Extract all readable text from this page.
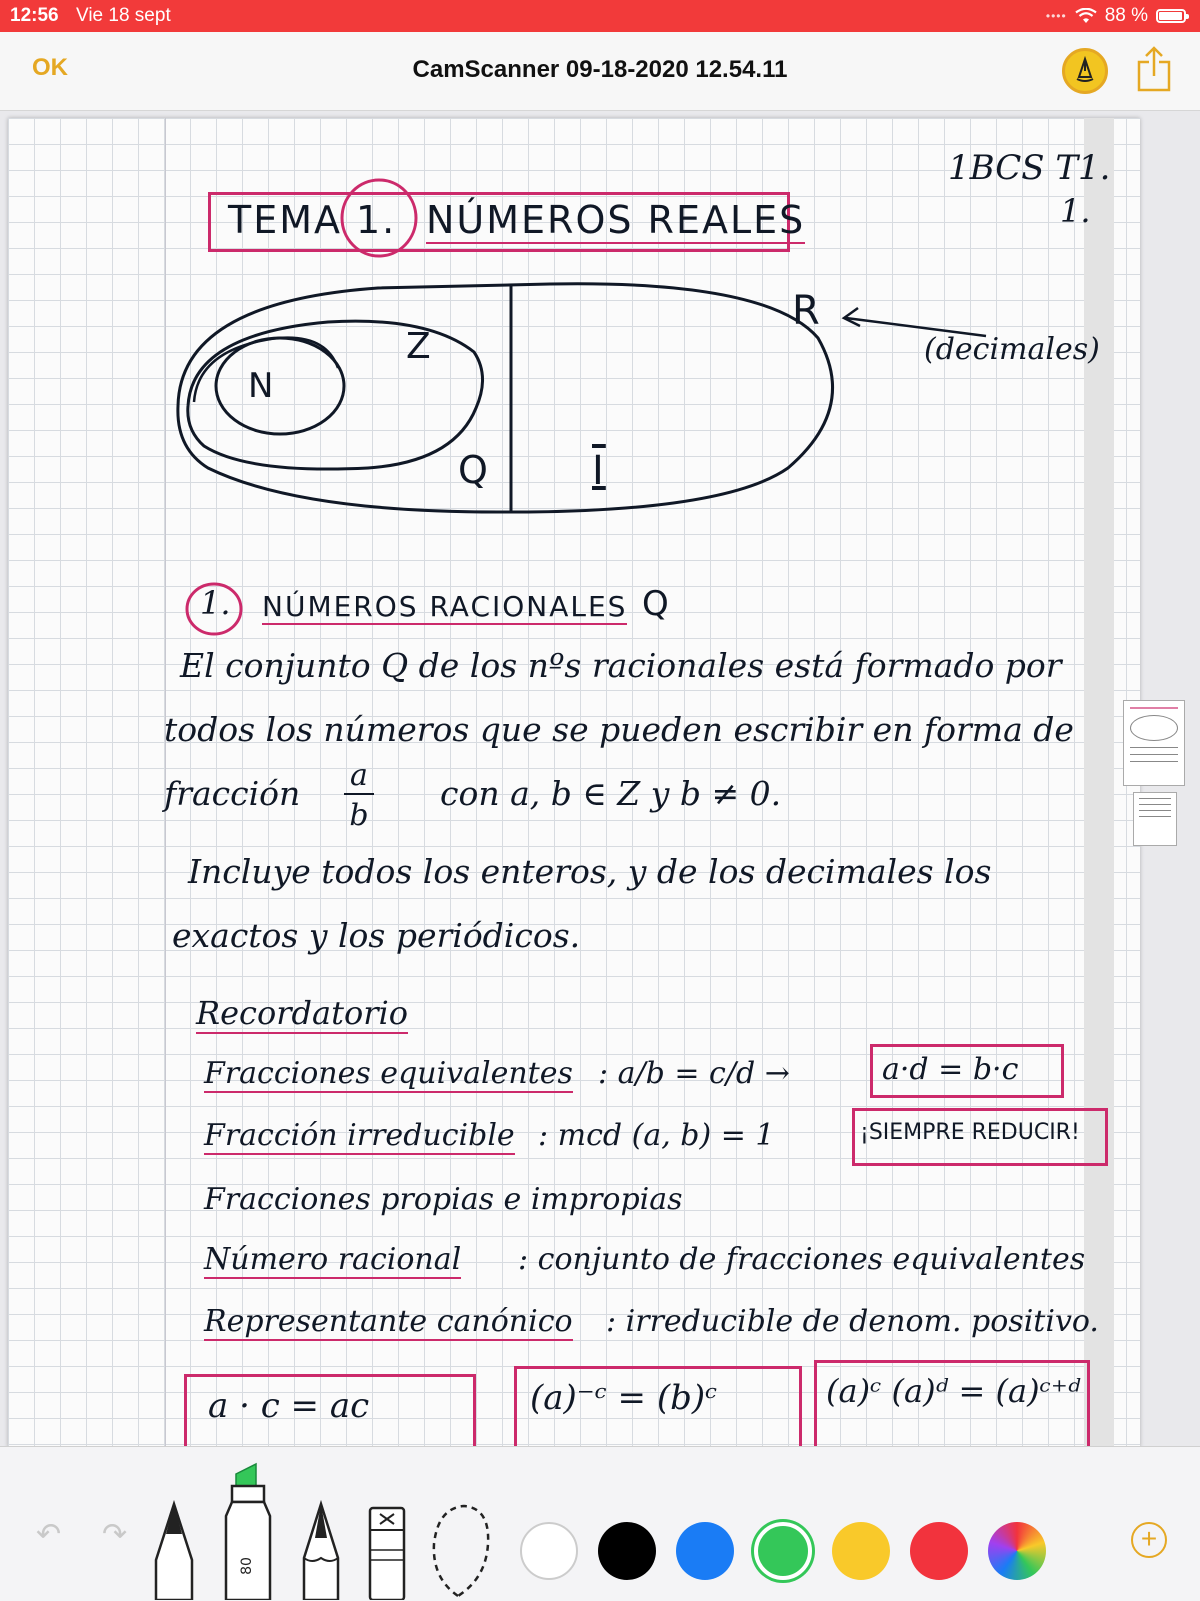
12:56 Vie 18 sept	•••• 88 %
OK	CamScanner 09-18-2020 12.54.11
1BCS T1.
1.
TEMA 1. NÚMEROS REALES
R
Z
N
Q	I
(decimales)
1. NÚMEROS RACIONALES Q
El conjunto Q de los nºs racionales está formado por
todos los números que se pueden escribir en forma de
fracción a
b
con a, b ∈ Z y b ≠ 0.
Incluye todos los enteros, y de los decimales los
exactos y los periódicos.
Recordatorio
Fracciones equivalentes : a/b = c/d →	a·d = b·c
Fracción irreducible : mcd (a, b) = 1	¡SIEMPRE REDUCIR!
Fracciones propias e impropias
Número racional : conjunto de fracciones equivalentes
Representante canónico : irreducible de denom. positivo.
a · c = ac	(a)⁻ᶜ = (b)ᶜ	(a)ᶜ (a)ᵈ = (a)ᶜ⁺ᵈ
↶ ↷
80
+
